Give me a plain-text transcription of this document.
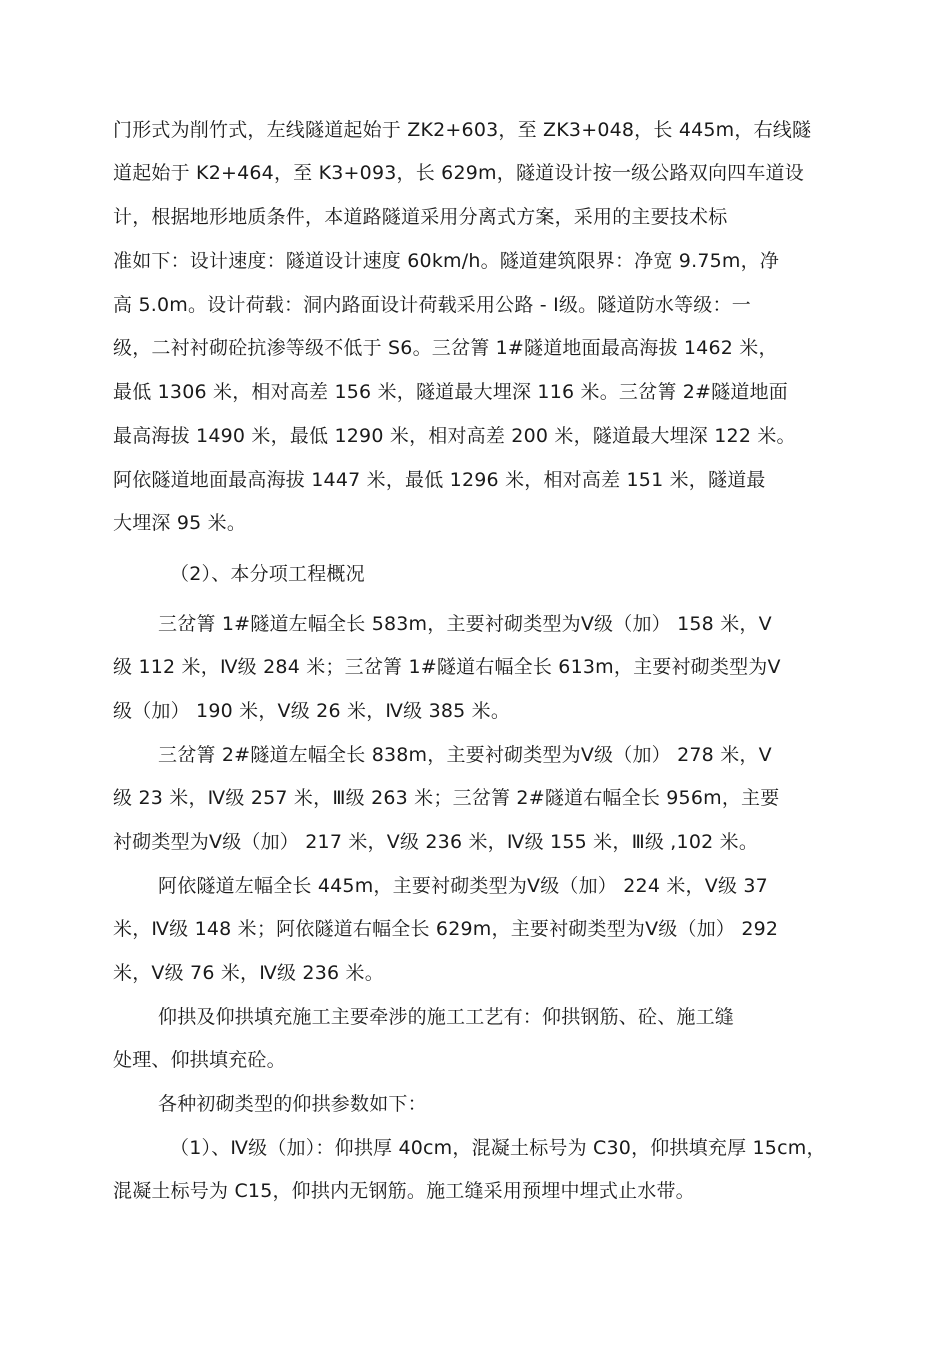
门形式为削竹式，左线隧道起始于 ZK2+603，至 ZK3+048，长 445m，右线隧
道起始于 K2+464，至 K3+093，长 629m，隧道设计按一级公路双向四车道设
计，根据地形地质条件，本道路隧道采用分离式方案，采用的主要技术标
准如下：设计速度：隧道设计速度 60km/h。隧道建筑限界：净宽 9.75m，净
高 5.0m。设计荷载：洞内路面设计荷载采用公路 - Ⅰ级。隧道防水等级：一
级，二衬衬砌砼抗渗等级不低于 S6。三岔箐 1#隧道地面最高海拔 1462 米，
最低 1306 米，相对高差 156 米，隧道最大埋深 116 米。三岔箐 2#隧道地面
最高海拔 1490 米，最低 1290 米，相对高差 200 米，隧道最大埋深 122 米。
阿依隧道地面最高海拔 1447 米，最低 1296 米，相对高差 151 米，隧道最
大埋深 95 米。
（2）、本分项工程概况
三岔箐 1#隧道左幅全长 583m，主要衬砌类型为Ⅴ级（加） 158 米，Ⅴ
级 112 米，Ⅳ级 284 米；三岔箐 1#隧道右幅全长 613m，主要衬砌类型为Ⅴ
级（加） 190 米，Ⅴ级 26 米，Ⅳ级 385 米。
三岔箐 2#隧道左幅全长 838m，主要衬砌类型为Ⅴ级（加） 278 米，Ⅴ
级 23 米，Ⅳ级 257 米，Ⅲ级 263 米；三岔箐 2#隧道右幅全长 956m，主要
衬砌类型为Ⅴ级（加） 217 米，Ⅴ级 236 米，Ⅳ级 155 米，Ⅲ级 ,102 米。
阿依隧道左幅全长 445m，主要衬砌类型为Ⅴ级（加） 224 米，Ⅴ级 37
米，Ⅳ级 148 米；阿依隧道右幅全长 629m，主要衬砌类型为Ⅴ级（加） 292
米，Ⅴ级 76 米，Ⅳ级 236 米。
仰拱及仰拱填充施工主要牵涉的施工工艺有：仰拱钢筋、砼、施工缝
处理、仰拱填充砼。
各种初砌类型的仰拱参数如下：
（1）、Ⅳ级（加）：仰拱厚 40cm，混凝土标号为 C30，仰拱填充厚 15cm，
混凝土标号为 C15，仰拱内无钢筋。施工缝采用预埋中埋式止水带。
